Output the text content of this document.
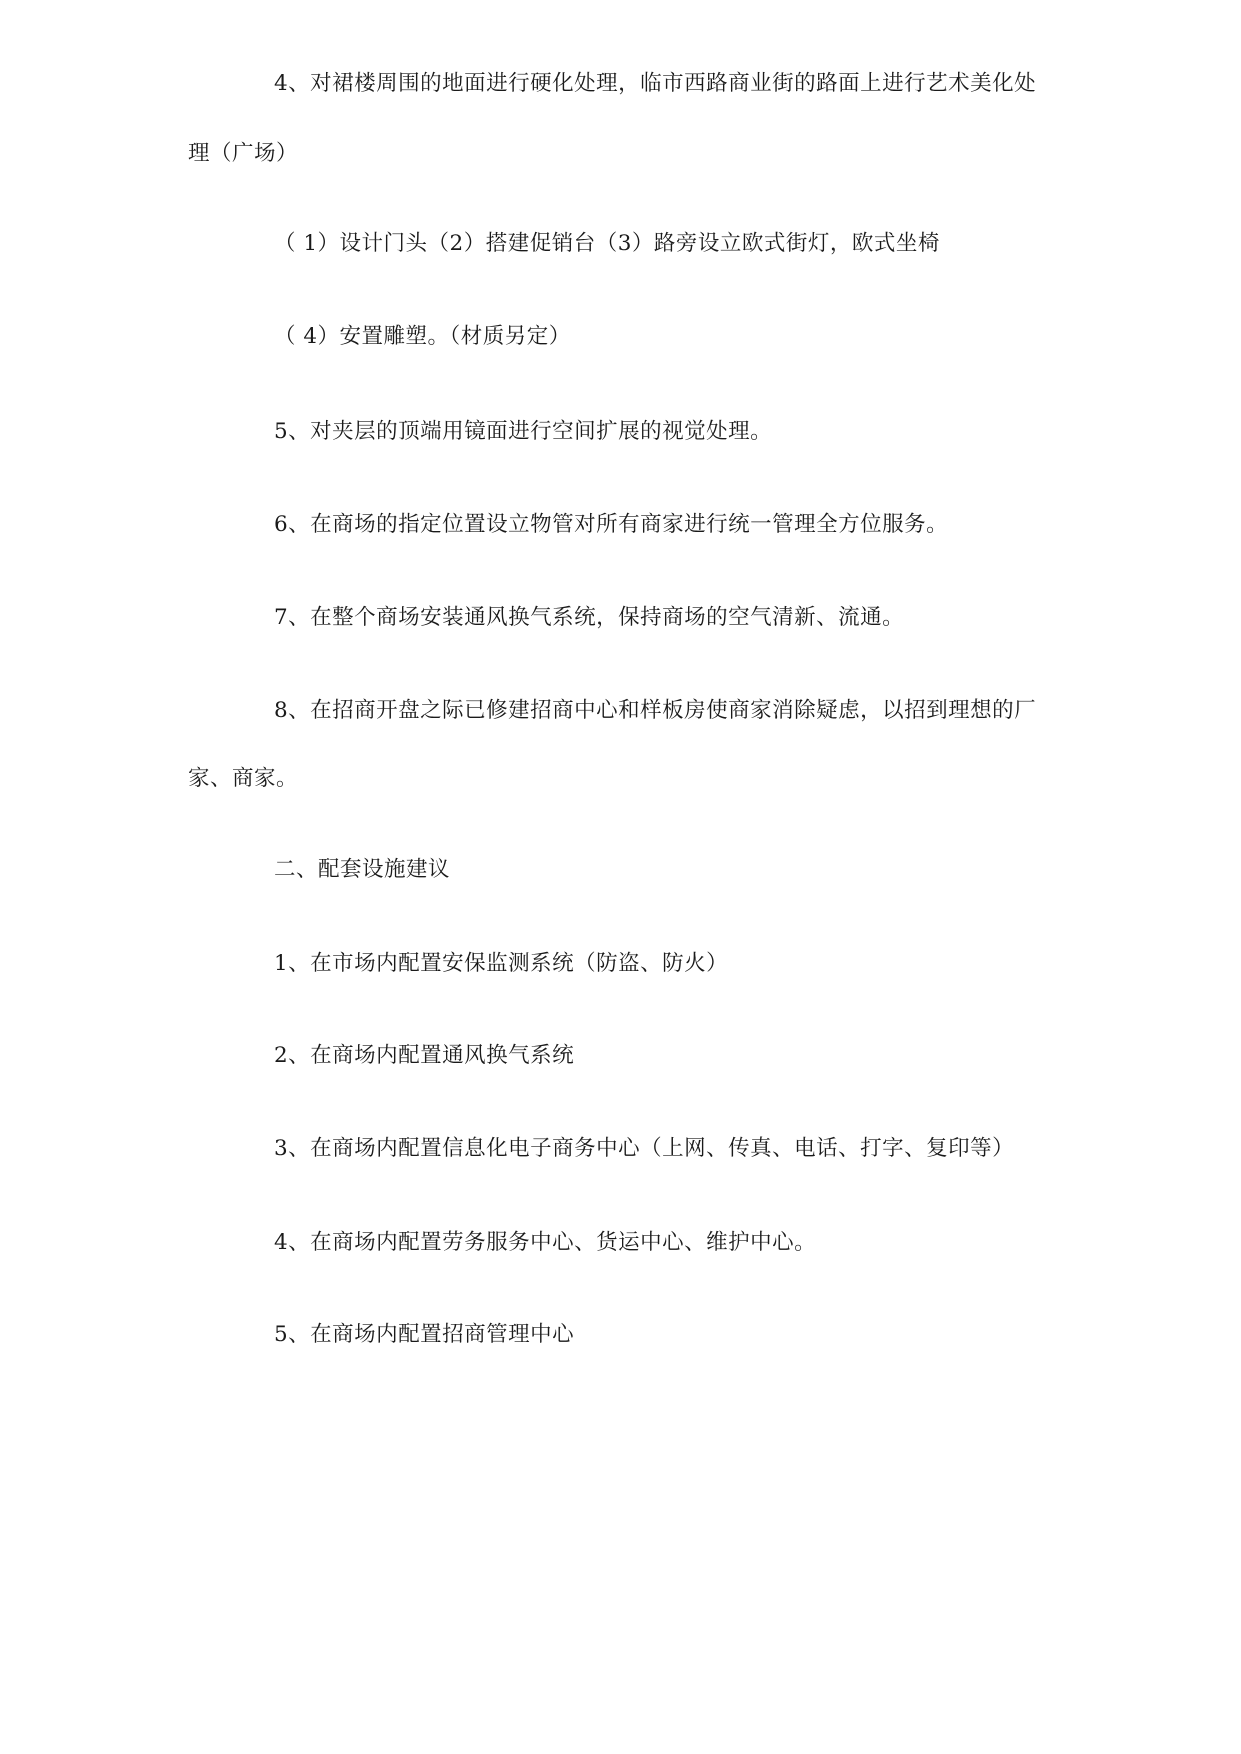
4、对裙楼周围的地面进行硬化处理，临市西路商业街的路面上进行艺术美化处
理（广场）
（ 1）设计门头（2）搭建促销台（3）路旁设立欧式街灯，欧式坐椅
（ 4）安置雕塑。（材质另定）
5、对夹层的顶端用镜面进行空间扩展的视觉处理。
6、在商场的指定位置设立物管对所有商家进行统一管理全方位服务。
7、在整个商场安装通风换气系统，保持商场的空气清新、流通。
8、在招商开盘之际已修建招商中心和样板房使商家消除疑虑，以招到理想的厂
家、商家。
二、配套设施建议
1、在市场内配置安保监测系统（防盗、防火）
2、在商场内配置通风换气系统
3、在商场内配置信息化电子商务中心（上网、传真、电话、打字、复印等）
4、在商场内配置劳务服务中心、货运中心、维护中心。
5、在商场内配置招商管理中心
